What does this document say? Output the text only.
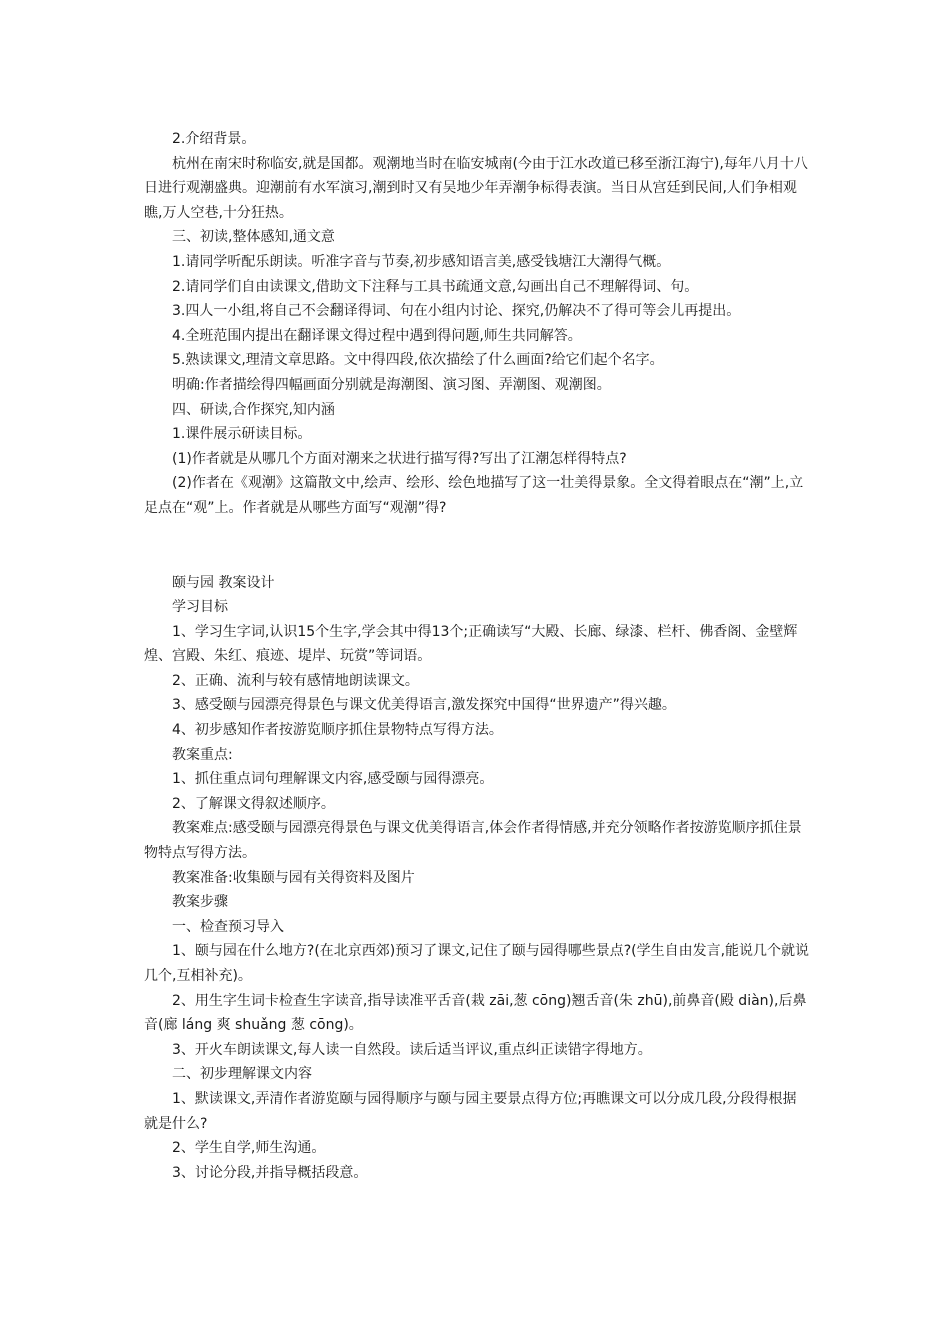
2.介绍背景。

杭州在南宋时称临安,就是国都。观潮地当时在临安城南(今由于江水改道已移至浙江海宁),每年八月十八日进行观潮盛典。迎潮前有水军演习,潮到时又有吴地少年弄潮争标得表演。当日从宫廷到民间,人们争相观瞧,万人空巷,十分狂热。

三、初读,整体感知,通文意

1.请同学听配乐朗读。听准字音与节奏,初步感知语言美,感受钱塘江大潮得气概。

2.请同学们自由读课文,借助文下注释与工具书疏通文意,勾画出自己不理解得词、句。

3.四人一小组,将自己不会翻译得词、句在小组内讨论、探究,仍解决不了得可等会儿再提出。

4.全班范围内提出在翻译课文得过程中遇到得问题,师生共同解答。

5.熟读课文,理清文章思路。文中得四段,依次描绘了什么画面?给它们起个名字。

明确:作者描绘得四幅画面分别就是海潮图、演习图、弄潮图、观潮图。

四、研读,合作探究,知内涵

1.课件展示研读目标。

(1)作者就是从哪几个方面对潮来之状进行描写得?写出了江潮怎样得特点?

(2)作者在《观潮》这篇散文中,绘声、绘形、绘色地描写了这一壮美得景象。全文得着眼点在“潮”上,立足点在“观”上。作者就是从哪些方面写“观潮”得?

颐与园 教案设计

学习目标

1、学习生字词,认识15个生字,学会其中得13个;正确读写“大殿、长廊、绿漆、栏杆、佛香阁、金壁辉煌、宫殿、朱红、痕迹、堤岸、玩赏”等词语。

2、正确、流利与较有感情地朗读课文。

3、感受颐与园漂亮得景色与课文优美得语言,激发探究中国得“世界遗产”得兴趣。

4、初步感知作者按游览顺序抓住景物特点写得方法。

教案重点:

1、抓住重点词句理解课文内容,感受颐与园得漂亮。

2、了解课文得叙述顺序。

教案难点:感受颐与园漂亮得景色与课文优美得语言,体会作者得情感,并充分领略作者按游览顺序抓住景物特点写得方法。

教案准备:收集颐与园有关得资料及图片

教案步骤

一、检查预习导入

1、颐与园在什么地方?(在北京西郊)预习了课文,记住了颐与园得哪些景点?(学生自由发言,能说几个就说几个,互相补充)。

2、用生字生词卡检查生字读音,指导读准平舌音(栽 zāi,葱 cōng)翘舌音(朱 zhū),前鼻音(殿 diàn),后鼻音(廊 láng 爽 shuǎng 葱 cōng)。

3、开火车朗读课文,每人读一自然段。读后适当评议,重点纠正读错字得地方。

二、初步理解课文内容

1、默读课文,弄清作者游览颐与园得顺序与颐与园主要景点得方位;再瞧课文可以分成几段,分段得根据就是什么?

2、学生自学,师生沟通。

3、讨论分段,并指导概括段意。
